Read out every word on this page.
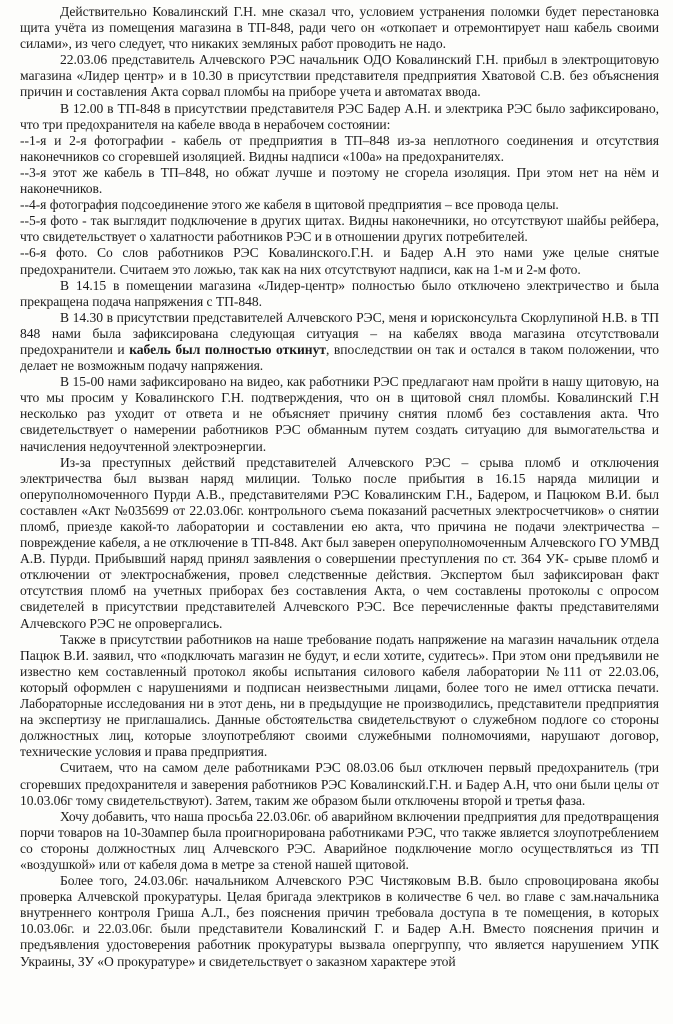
Действительно Ковалинский Г.Н. мне сказал что, условием устранения поломки будет перестановка щита учёта из помещения магазина в ТП-848, ради чего он «откопает и отремонтирует наш кабель своими силами», из чего следует, что никаких земляных работ проводить не надо.

22.03.06 представитель Алчевского РЭС начальник ОДО Ковалинский Г.Н. прибыл в электрощитовую магазина «Лидер центр» и в 10.30 в присутствии представителя предприятия Хватовой С.В. без объяснения причин и составления Акта сорвал пломбы на приборе учета и автоматах ввода.

В 12.00 в ТП-848 в присутствии представителя РЭС Бадер А.Н. и электрика РЭС было зафиксировано, что три предохранителя на кабеле ввода в нерабочем состоянии:

--1-я и 2-я фотографии - кабель от предприятия в ТП–848 из-за неплотного соединения и отсутствия наконечников со сгоревшей изоляцией. Видны надписи «100а» на предохранителях.

--3-я этот же кабель в ТП–848, но обжат лучше и поэтому не сгорела изоляция. При этом нет на нём и наконечников.

--4-я фотография подсоединение этого же кабеля в щитовой предприятия – все провода целы.

--5-я фото - так выглядит подключение в других щитах. Видны наконечники, но отсутствуют шайбы рейбера, что свидетельствует о халатности работников РЭС и в отношении других потребителей.

--6-я фото. Со слов работников РЭС Ковалинского.Г.Н. и Бадер А.Н это нами уже целые снятые предохранители. Считаем это ложью, так как на них отсутствуют надписи, как на 1-м и 2-м фото.

В 14.15 в помещении магазина «Лидер-центр» полностью было отключено электричество и была прекращена подача напряжения с ТП-848.

В 14.30 в присутствии представителей Алчевского РЭС, меня и юрисконсульта Скорлупиной Н.В. в ТП 848 нами была зафиксирована следующая ситуация – на кабелях ввода магазина отсутствовали предохранители и кабель был полностью откинут, впоследствии он так и остался в таком положении, что делает не возможным подачу напряжения.

В 15-00 нами зафиксировано на видео, как работники РЭС предлагают нам пройти в нашу щитовую, на что мы просим у Ковалинского Г.Н. подтверждения, что он в щитовой снял пломбы. Ковалинский Г.Н несколько раз уходит от ответа и не объясняет причину снятия пломб без составления акта. Что свидетельствует о намерении работников РЭС обманным путем создать ситуацию для вымогательства и начисления недоучтенной электроэнергии.

Из-за преступных действий представителей Алчевского РЭС – срыва пломб и отключения электричества был вызван наряд милиции. Только после прибытия в 16.15 наряда милиции и оперуполномоченного Пурди А.В., представителями РЭС Ковалинским Г.Н., Бадером, и Пацюком В.И. был составлен «Акт №035699 от 22.03.06г. контрольного съема показаний расчетных электросчетчиков» о снятии пломб, приезде какой-то лаборатории и составлении ею акта, что причина не подачи электричества – повреждение кабеля, а не отключение в ТП-848. Акт был заверен оперуполномоченным Алчевского ГО УМВД А.В. Пурди. Прибывший наряд принял заявления о совершении преступления по ст. 364 УК- срыве пломб и отключении от электроснабжения, провел следственные действия. Экспертом был зафиксирован факт отсутствия пломб на учетных приборах без составления Акта, о чем составлены протоколы с опросом свидетелей в присутствии представителей Алчевского РЭС. Все перечисленные факты представителями Алчевского РЭС не опровергались.

Также в присутствии работников на наше требование подать напряжение на магазин начальник отдела Пацюк В.И. заявил, что «подключать магазин не будут, и если хотите, судитесь». При этом они предъявили не известно кем составленный протокол якобы испытания силового кабеля лаборатории №111 от 22.03.06, который оформлен с нарушениями и подписан неизвестными лицами, более того не имел оттиска печати. Лабораторные исследования ни в этот день, ни в предыдущие не производились, представители предприятия на экспертизу не приглашались. Данные обстоятельства свидетельствуют о служебном подлоге со стороны должностных лиц, которые злоупотребляют своими служебными полномочиями, нарушают договор, технические условия и права предприятия.

Считаем, что на самом деле работниками РЭС 08.03.06 был отключен первый предохранитель (три сгоревших предохранителя и заверения работников РЭС Ковалинский.Г.Н. и Бадер А.Н, что они были целы от 10.03.06г тому свидетельствуют). Затем, таким же образом были отключены второй и третья фаза.

Хочу добавить, что наша просьба 22.03.06г. об аварийном включении предприятия для предотвращения порчи товаров на 10-30ампер была проигнорирована работниками РЭС, что также является злоупотреблением со стороны должностных лиц Алчевского РЭС. Аварийное подключение могло осуществляться из ТП «воздушкой» или от кабеля дома в метре за стеной нашей щитовой.

Более того, 24.03.06г. начальником Алчевского РЭС Чистяковым В.В. было спровоцирована якобы проверка Алчевской прокуратуры. Целая бригада электриков в количестве 6 чел. во главе с зам.начальника внутреннего контроля Гриша А.Л., без пояснения причин требовала доступа в те помещения, в которых 10.03.06г. и 22.03.06г. были представители Ковалинский Г. и Бадер А.Н. Вместо пояснения причин и предъявления удостоверения работник прокуратуры вызвала опергруппу, что является нарушением УПК Украины, ЗУ «О прокуратуре» и свидетельствует о заказном характере этой
